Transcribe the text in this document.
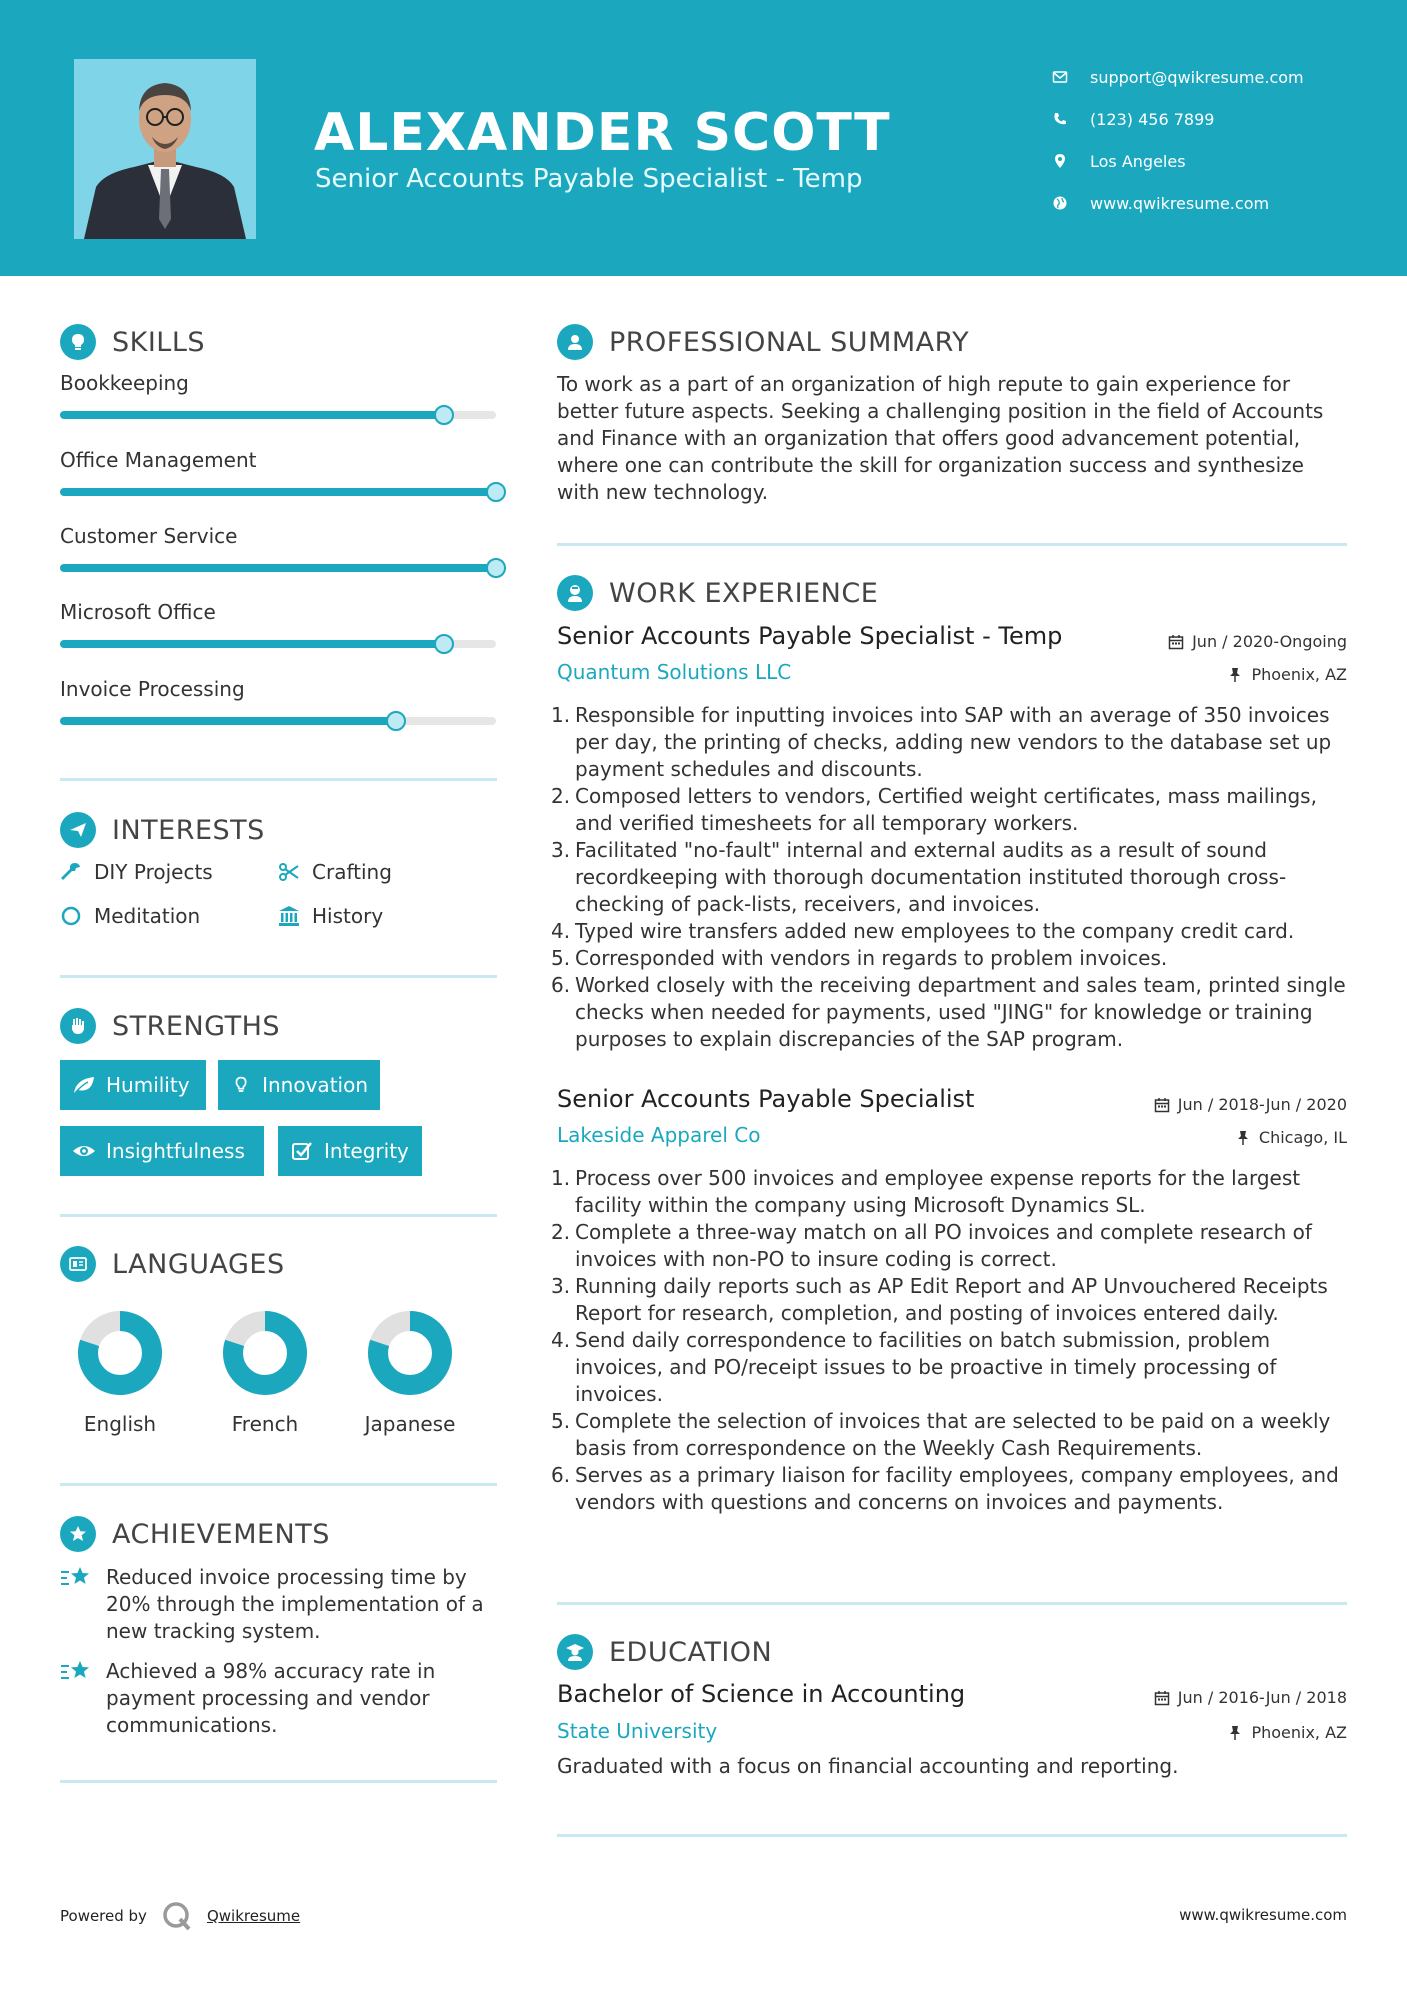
ALEXANDER SCOTT
Senior Accounts Payable Specialist - Temp
support@qwikresume.com
(123) 456 7899
Los Angeles
www.qwikresume.com
SKILLS
Bookkeeping
Office Management
Customer Service
Microsoft Office
Invoice Processing
INTERESTS
DIY Projects	Crafting
Meditation	History
STRENGTHS
Humility	Innovation
Insightfulness	Integrity
LANGUAGES
English	French	Japanese
ACHIEVEMENTS
Reduced invoice processing time by 20% through the implementation of a new tracking system.
Achieved a 98% accuracy rate in payment processing and vendor communications.
PROFESSIONAL SUMMARY
To work as a part of an organization of high repute to gain experience for better future aspects. Seeking a challenging position in the field of Accounts and Finance with an organization that offers good advancement potential, where one can contribute the skill for organization success and synthesize with new technology.
WORK EXPERIENCE
Senior Accounts Payable Specialist - Temp	Jun / 2020-Ongoing
Quantum Solutions LLC	Phoenix, AZ
1. Responsible for inputting invoices into SAP with an average of 350 invoices per day, the printing of checks, adding new vendors to the database set up payment schedules and discounts.
2. Composed letters to vendors, Certified weight certificates, mass mailings, and verified timesheets for all temporary workers.
3. Facilitated "no-fault" internal and external audits as a result of sound recordkeeping with thorough documentation instituted thorough cross-checking of pack-lists, receivers, and invoices.
4. Typed wire transfers added new employees to the company credit card.
5. Corresponded with vendors in regards to problem invoices.
6. Worked closely with the receiving department and sales team, printed single checks when needed for payments, used "JING" for knowledge or training purposes to explain discrepancies of the SAP program.
Senior Accounts Payable Specialist	Jun / 2018-Jun / 2020
Lakeside Apparel Co	Chicago, IL
1. Process over 500 invoices and employee expense reports for the largest facility within the company using Microsoft Dynamics SL.
2. Complete a three-way match on all PO invoices and complete research of invoices with non-PO to insure coding is correct.
3. Running daily reports such as AP Edit Report and AP Unvouchered Receipts Report for research, completion, and posting of invoices entered daily.
4. Send daily correspondence to facilities on batch submission, problem invoices, and PO/receipt issues to be proactive in timely processing of invoices.
5. Complete the selection of invoices that are selected to be paid on a weekly basis from correspondence on the Weekly Cash Requirements.
6. Serves as a primary liaison for facility employees, company employees, and vendors with questions and concerns on invoices and payments.
EDUCATION
Bachelor of Science in Accounting	Jun / 2016-Jun / 2018
State University	Phoenix, AZ
Graduated with a focus on financial accounting and reporting.
Powered by	Qwikresume	www.qwikresume.com
